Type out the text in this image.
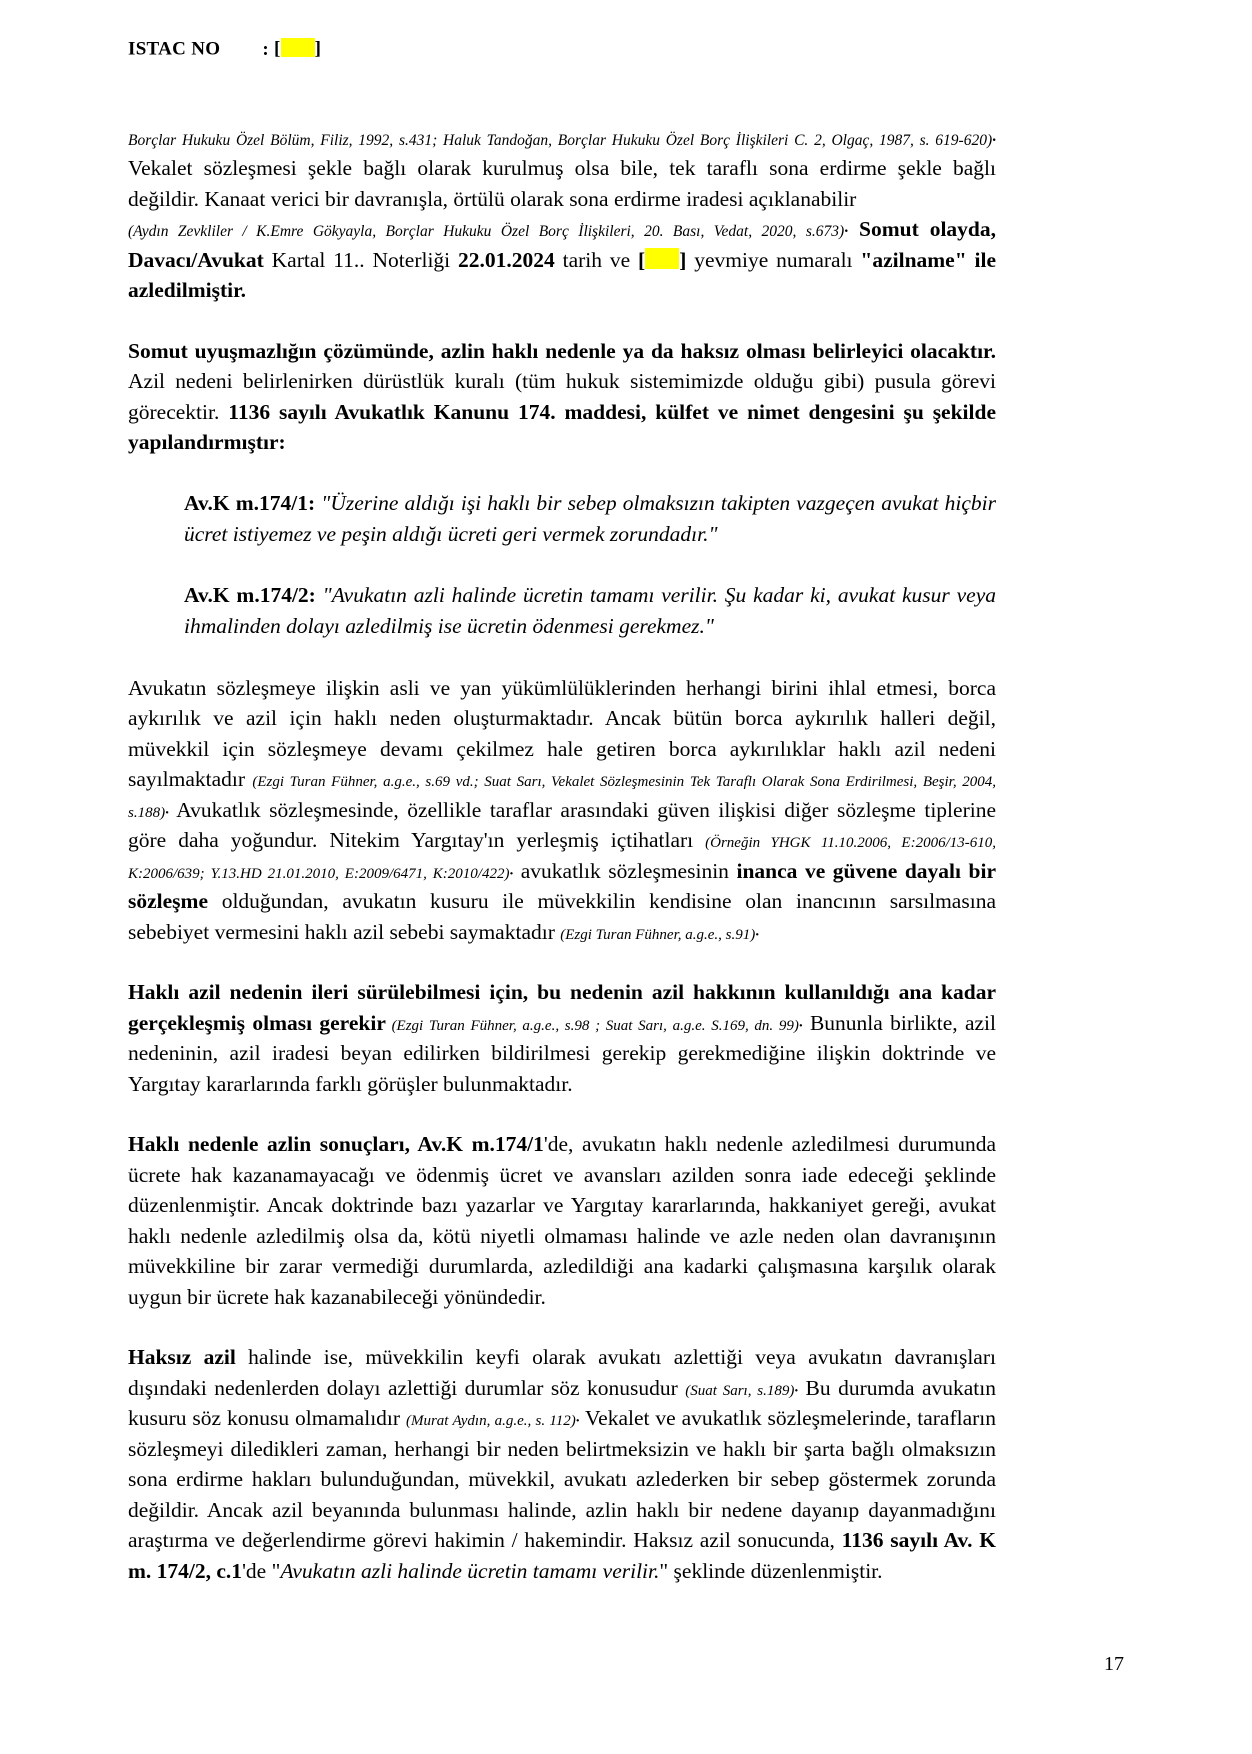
ISTAC NO : [ ]

Borçlar Hukuku Özel Bölüm, Filiz, 1992, s.431; Haluk Tandoğan, Borçlar Hukuku Özel Borç İlişkileri C. 2, Olgaç, 1987, s. 619-620)· Vekalet sözleşmesi şekle bağlı olarak kurulmuş olsa bile, tek taraflı sona erdirme şekle bağlı değildir. Kanaat verici bir davranışla, örtülü olarak sona erdirme iradesi açıklanabilir

(Aydın Zevkliler / K.Emre Gökyayla, Borçlar Hukuku Özel Borç İlişkileri, 20. Bası, Vedat, 2020, s.673)· Somut olayda, Davacı/Avukat Kartal 11.. Noterliği 22.01.2024 tarih ve [ ] yevmiye numaralı "azilname" ile azledilmiştir.

Somut uyuşmazlığın çözümünde, azlin haklı nedenle ya da haksız olması belirleyici olacaktır. Azil nedeni belirlenirken dürüstlük kuralı (tüm hukuk sistemimizde olduğu gibi) pusula görevi görecektir. 1136 sayılı Avukatlık Kanunu 174. maddesi, külfet ve nimet dengesini şu şekilde yapılandırmıştır:

Av.K m.174/1: "Üzerine aldığı işi haklı bir sebep olmaksızın takipten vazgeçen avukat hiçbir ücret istiyemez ve peşin aldığı ücreti geri vermek zorundadır."

Av.K m.174/2: "Avukatın azli halinde ücretin tamamı verilir. Şu kadar ki, avukat kusur veya ihmalinden dolayı azledilmiş ise ücretin ödenmesi gerekmez."

Avukatın sözleşmeye ilişkin asli ve yan yükümlülüklerinden herhangi birini ihlal etmesi, borca aykırılık ve azil için haklı neden oluşturmaktadır. Ancak bütün borca aykırılık halleri değil, müvekkil için sözleşmeye devamı çekilmez hale getiren borca aykırılıklar haklı azil nedeni sayılmaktadır (Ezgi Turan Fühner, a.g.e., s.69 vd.; Suat Sarı, Vekalet Sözleşmesinin Tek Taraflı Olarak Sona Erdirilmesi, Beşir, 2004, s.188)· Avukatlık sözleşmesinde, özellikle taraflar arasındaki güven ilişkisi diğer sözleşme tiplerine göre daha yoğundur. Nitekim Yargıtay'ın yerleşmiş içtihatları (Örneğin YHGK 11.10.2006, E:2006/13-610, K:2006/639; Y.13.HD 21.01.2010, E:2009/6471, K:2010/422)· avukatlık sözleşmesinin inanca ve güvene dayalı bir sözleşme olduğundan, avukatın kusuru ile müvekkilin kendisine olan inancının sarsılmasına sebebiyet vermesini haklı azil sebebi saymaktadır (Ezgi Turan Fühner, a.g.e., s.91)·

Haklı azil nedenin ileri sürülebilmesi için, bu nedenin azil hakkının kullanıldığı ana kadar gerçekleşmiş olması gerekir (Ezgi Turan Fühner, a.g.e., s.98 ; Suat Sarı, a.g.e. S.169, dn. 99)· Bununla birlikte, azil nedeninin, azil iradesi beyan edilirken bildirilmesi gerekip gerekmediğine ilişkin doktrinde ve Yargıtay kararlarında farklı görüşler bulunmaktadır.

Haklı nedenle azlin sonuçları, Av.K m.174/1'de, avukatın haklı nedenle azledilmesi durumunda ücrete hak kazanamayacağı ve ödenmiş ücret ve avansları azilden sonra iade edeceği şeklinde düzenlenmiştir. Ancak doktrinde bazı yazarlar ve Yargıtay kararlarında, hakkaniyet gereği, avukat haklı nedenle azledilmiş olsa da, kötü niyetli olmaması halinde ve azle neden olan davranışının müvekkiline bir zarar vermediği durumlarda, azledildiği ana kadarki çalışmasına karşılık olarak uygun bir ücrete hak kazanabileceği yönündedir.

Haksız azil halinde ise, müvekkilin keyfi olarak avukatı azlettiği veya avukatın davranışları dışındaki nedenlerden dolayı azlettiği durumlar söz konusudur (Suat Sarı, s.189)· Bu durumda avukatın kusuru söz konusu olmamalıdır (Murat Aydın, a.g.e., s. 112)· Vekalet ve avukatlık sözleşmelerinde, tarafların sözleşmeyi diledikleri zaman, herhangi bir neden belirtmeksizin ve haklı bir şarta bağlı olmaksızın sona erdirme hakları bulunduğundan, müvekkil, avukatı azlederken bir sebep göstermek zorunda değildir. Ancak azil beyanında bulunması halinde, azlin haklı bir nedene dayanıp dayanmadığını araştırma ve değerlendirme görevi hakimin / hakemindir. Haksız azil sonucunda, 1136 sayılı Av. K m. 174/2, c.1'de "Avukatın azli halinde ücretin tamamı verilir." şeklinde düzenlenmiştir.

17
